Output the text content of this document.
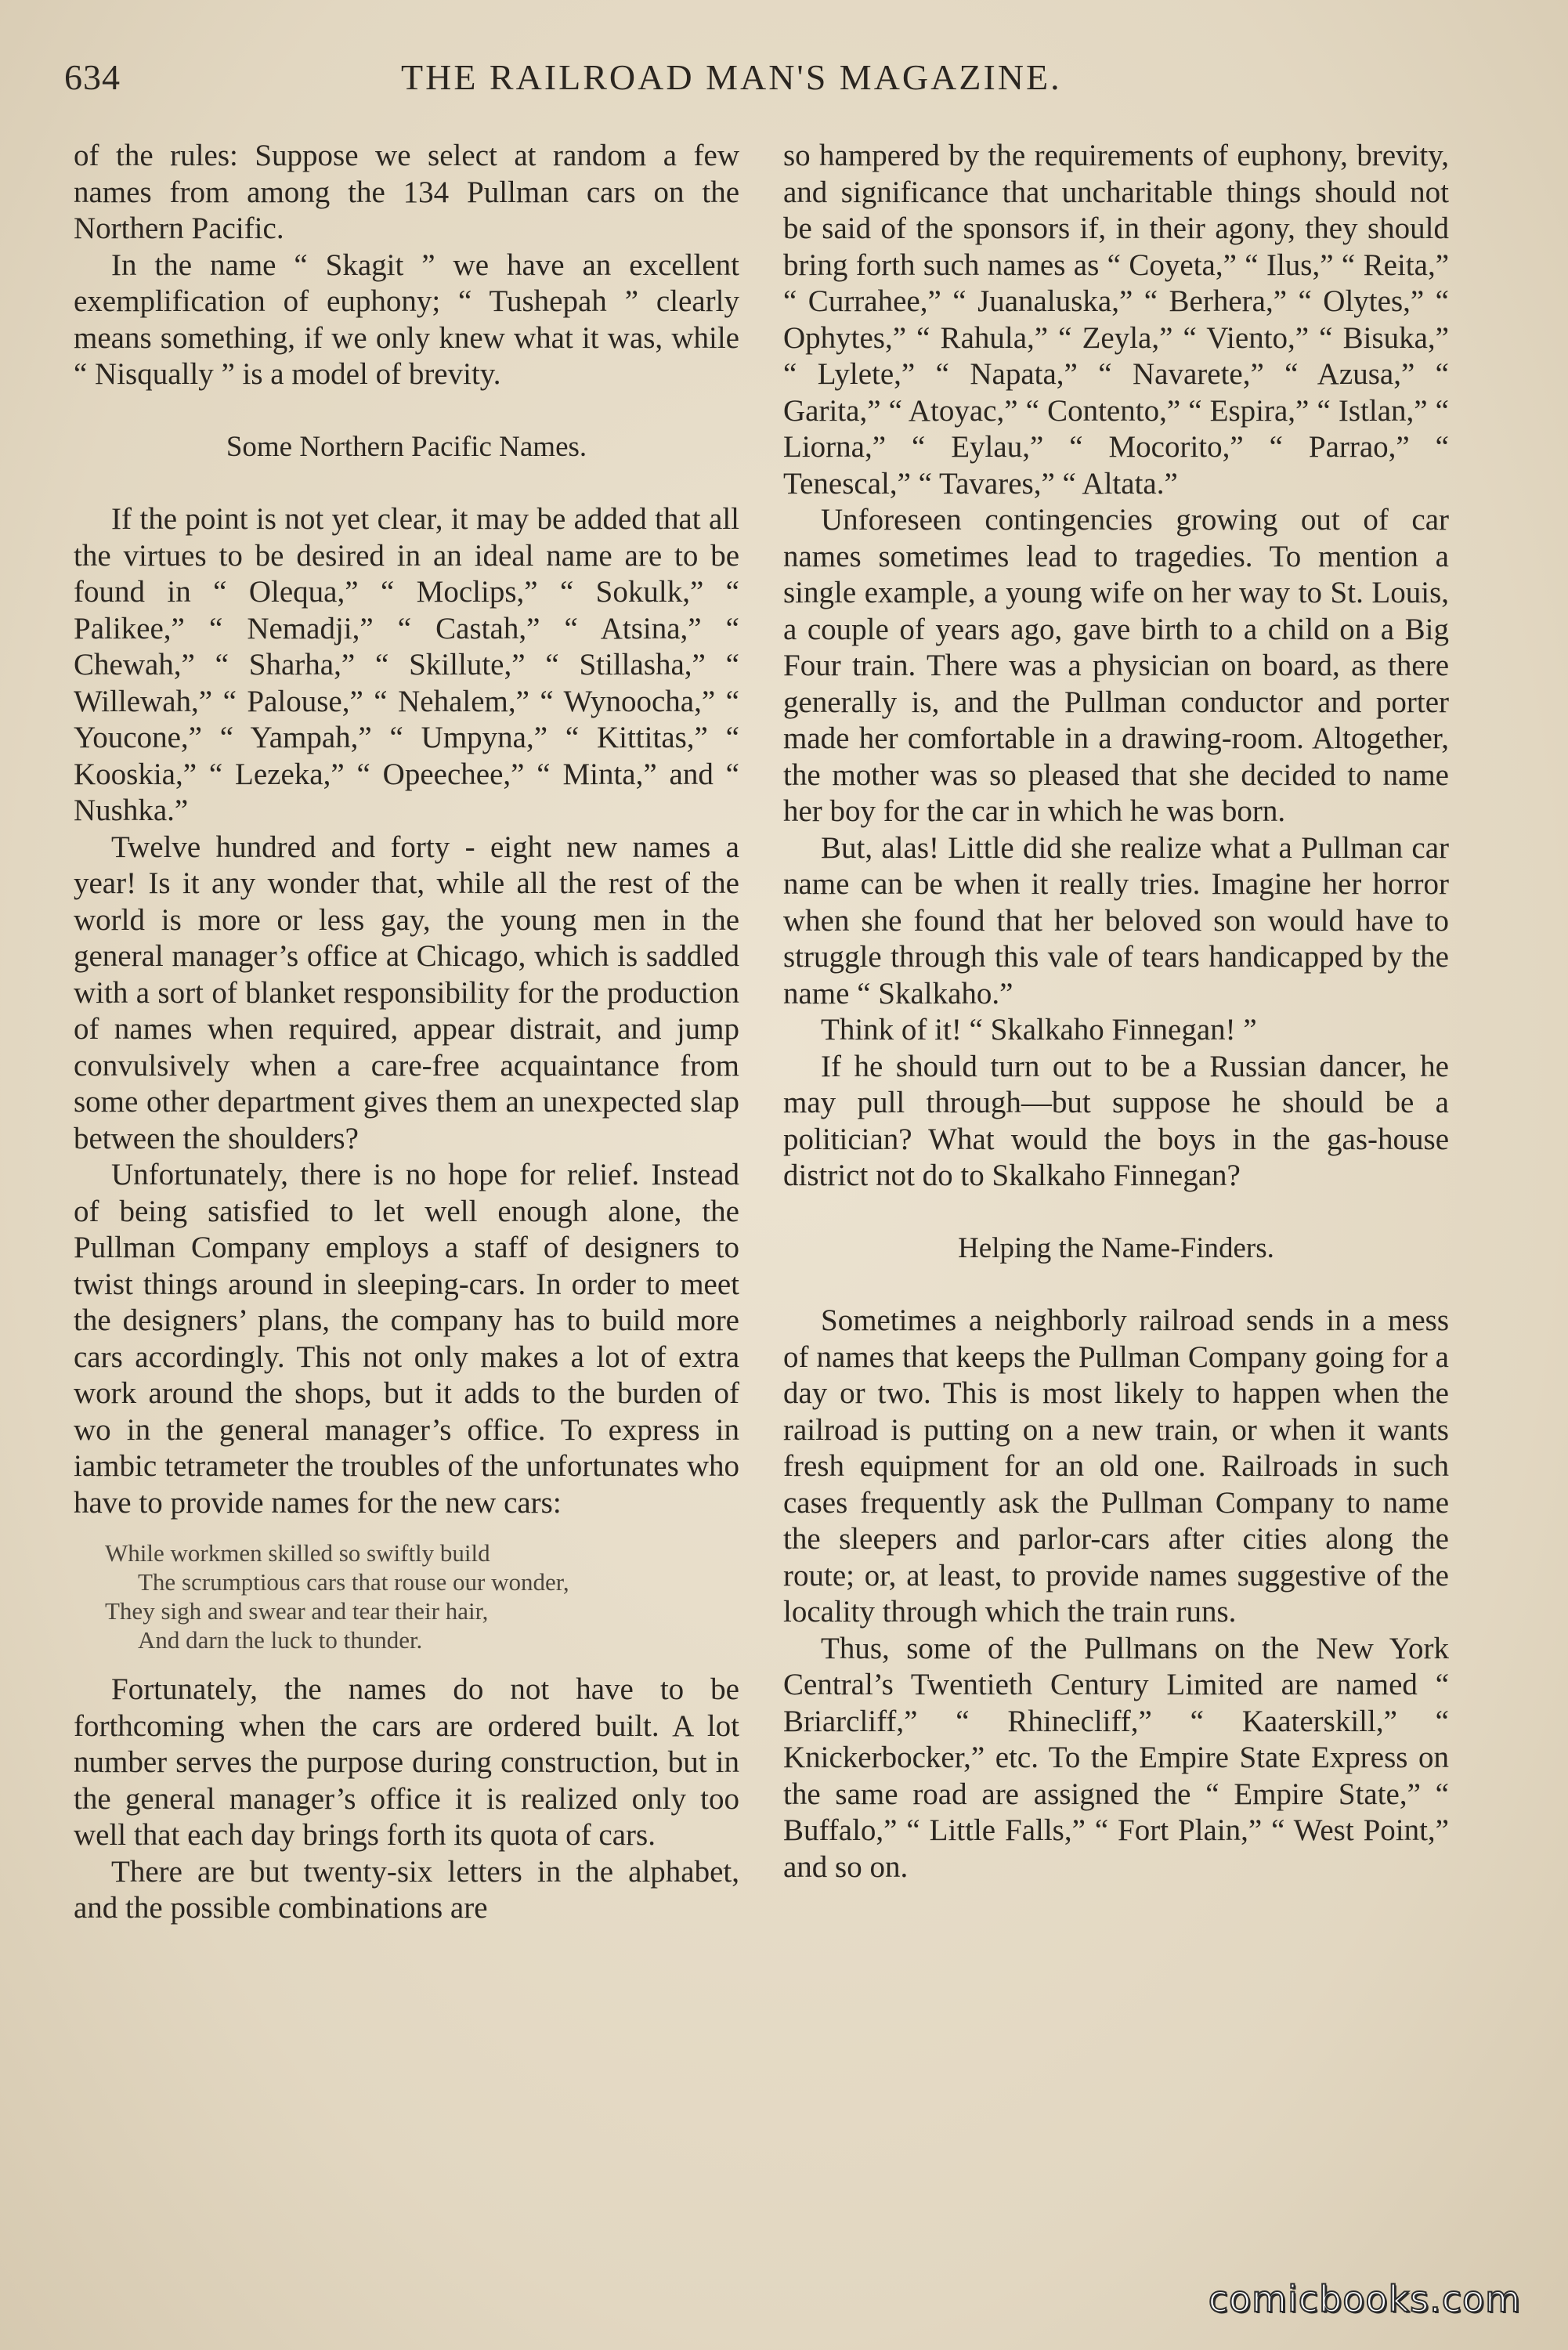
634	THE RAILROAD MAN'S MAGAZINE.

of the rules: Suppose we select at random a few names from among the 134 Pullman cars on the Northern Pacific.

In the name “ Skagit ” we have an excellent exemplification of euphony; “ Tushepah ” clearly means something, if we only knew what it was, while “ Nisqually ” is a model of brevity.

Some Northern Pacific Names.

If the point is not yet clear, it may be added that all the virtues to be desired in an ideal name are to be found in “ Olequa,” “ Moclips,” “ Sokulk,” “ Palikee,” “ Nemadji,” “ Castah,” “ Atsina,” “ Chewah,” “ Sharha,” “ Skillute,” “ Stillasha,” “ Willewah,” “ Palouse,” “ Nehalem,” “ Wynoocha,” “ Youcone,” “ Yampah,” “ Umpyna,” “ Kittitas,” “ Kooskia,” “ Lezeka,” “ Opeechee,” “ Minta,” and “ Nushka.”

Twelve hundred and forty - eight new names a year! Is it any wonder that, while all the rest of the world is more or less gay, the young men in the general manager’s office at Chicago, which is saddled with a sort of blanket responsibility for the production of names when required, appear distrait, and jump convulsively when a care-free acquaintance from some other department gives them an unexpected slap between the shoulders?

Unfortunately, there is no hope for relief. Instead of being satisfied to let well enough alone, the Pullman Company employs a staff of designers to twist things around in sleeping-cars. In order to meet the designers’ plans, the company has to build more cars accordingly. This not only makes a lot of extra work around the shops, but it adds to the burden of wo in the general manager’s office. To express in iambic tetrameter the troubles of the unfortunates who have to provide names for the new cars:

While workmen skilled so swiftly build

The scrumptious cars that rouse our wonder,

They sigh and swear and tear their hair,

And darn the luck to thunder.

Fortunately, the names do not have to be forthcoming when the cars are ordered built. A lot number serves the purpose during construction, but in the general manager’s office it is realized only too well that each day brings forth its quota of cars.

There are but twenty-six letters in the alphabet, and the possible combinations are

so hampered by the requirements of euphony, brevity, and significance that uncharitable things should not be said of the sponsors if, in their agony, they should bring forth such names as “ Coyeta,” “ Ilus,” “ Reita,” “ Currahee,” “ Juanaluska,” “ Berhera,” “ Olytes,” “ Ophytes,” “ Rahula,” “ Zeyla,” “ Viento,” “ Bisuka,” “ Lylete,” “ Napata,” “ Navarete,” “ Azusa,” “ Garita,” “ Atoyac,” “ Contento,” “ Espira,” “ Istlan,” “ Liorna,” “ Eylau,” “ Mocorito,” “ Parrao,” “ Tenescal,” “ Tavares,” “ Altata.”

Unforeseen contingencies growing out of car names sometimes lead to tragedies. To mention a single example, a young wife on her way to St. Louis, a couple of years ago, gave birth to a child on a Big Four train. There was a physician on board, as there generally is, and the Pullman conductor and porter made her comfortable in a drawing-room. Altogether, the mother was so pleased that she decided to name her boy for the car in which he was born.

But, alas! Little did she realize what a Pullman car name can be when it really tries. Imagine her horror when she found that her beloved son would have to struggle through this vale of tears handicapped by the name “ Skalkaho.”

Think of it! “ Skalkaho Finnegan! ”

If he should turn out to be a Russian dancer, he may pull through—but suppose he should be a politician? What would the boys in the gas-house district not do to Skalkaho Finnegan?

Helping the Name-Finders.

Sometimes a neighborly railroad sends in a mess of names that keeps the Pullman Company going for a day or two. This is most likely to happen when the railroad is putting on a new train, or when it wants fresh equipment for an old one. Railroads in such cases frequently ask the Pullman Company to name the sleepers and parlor-cars after cities along the route; or, at least, to provide names suggestive of the locality through which the train runs.

Thus, some of the Pullmans on the New York Central’s Twentieth Century Limited are named “ Briarcliff,” “ Rhinecliff,” “ Kaaterskill,” “ Knickerbocker,” etc. To the Empire State Express on the same road are assigned the “ Empire State,” “ Buffalo,” “ Little Falls,” “ Fort Plain,” “ West Point,” and so on.

comicbooks.com
